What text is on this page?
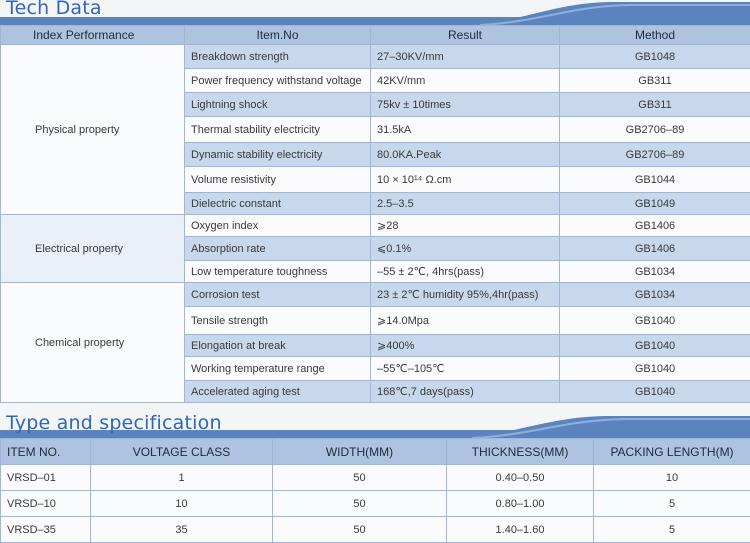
Tech Data
Index Performance	Item.No	Result	Method
Physical property	Breakdown strength	27–30KV/mm	GB1048
	Power frequency withstand voltage	42KV/mm	GB311
	Lightning shock	75kv ± 10times	GB311
	Thermal stability electricity	31.5kA	GB2706–89
	Dynamic stability electricity	80.0KA.Peak	GB2706–89
	Volume resistivity	10 × 10¹⁴ Ω.cm	GB1044
	Dielectric constant	2.5–3.5	GB1049
Electrical property	Oxygen index	⩾28	GB1406
	Absorption rate	⩽0.1%	GB1406
	Low temperature toughness	–55 ± 2℃, 4hrs(pass)	GB1034
Chemical property	Corrosion test	23 ± 2℃ humidity 95%,4hr(pass)	GB1034
	Tensile strength	⩾14.0Mpa	GB1040
	Elongation at break	⩾400%	GB1040
	Working temperature range	–55℃–105℃	GB1040
	Accelerated aging test	168℃,7 days(pass)	GB1040
Type and specification
ITEM NO.	VOLTAGE CLASS	WIDTH(MM)	THICKNESS(MM)	PACKING LENGTH(M)
VRSD–01	1	50	0.40–0.50	10
VRSD–10	10	50	0.80–1.00	5
VRSD–35	35	50	1.40–1.60	5
